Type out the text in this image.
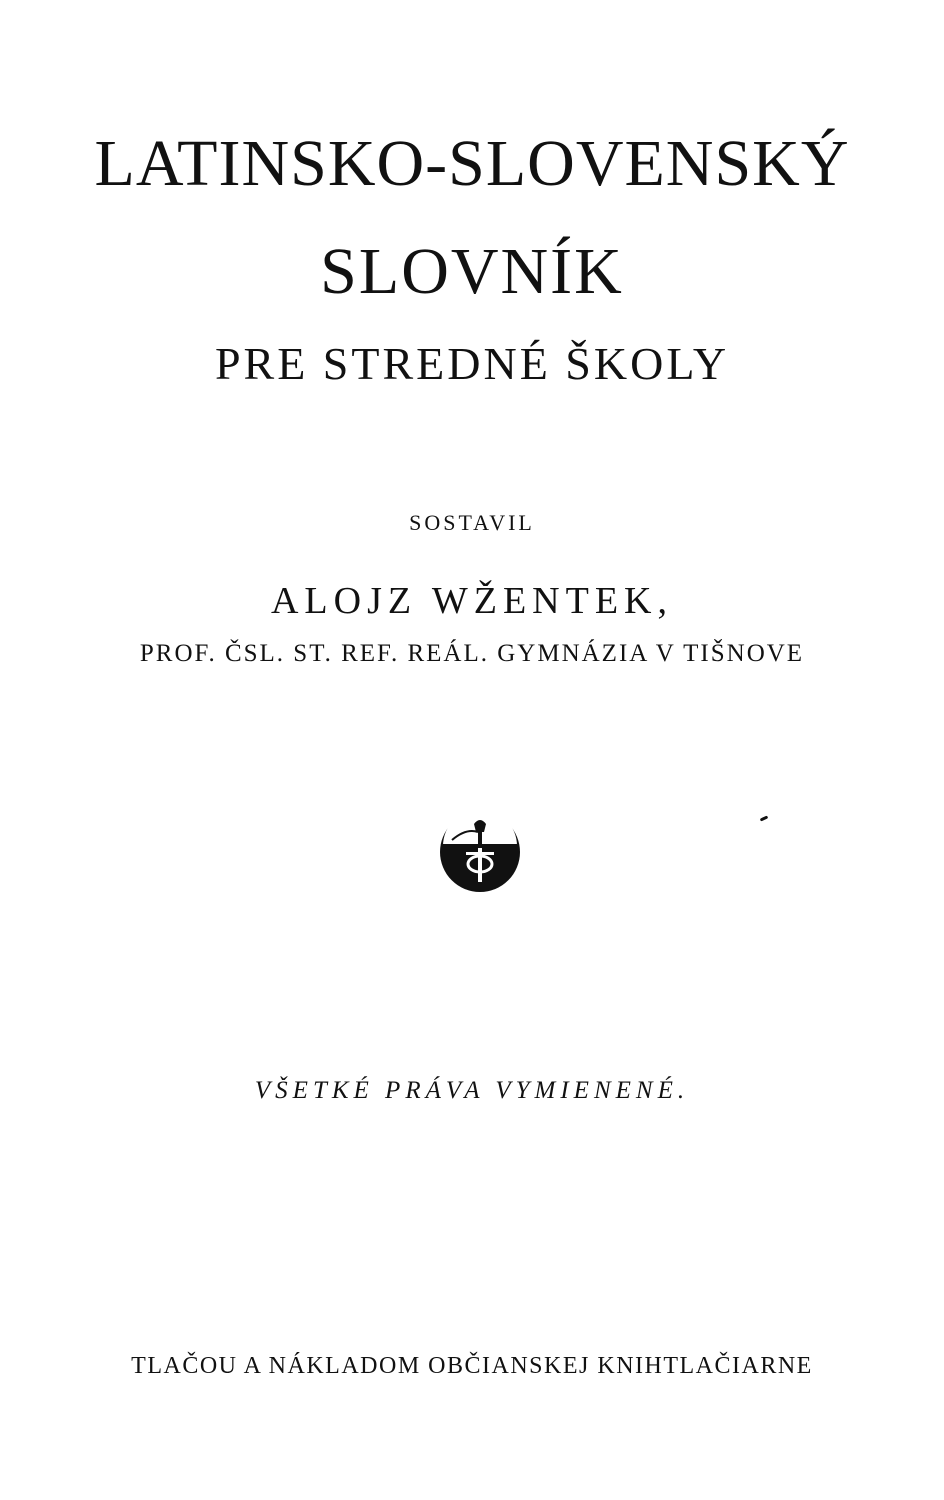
LATINSKO-SLOVENSKÝ
SLOVNÍK
PRE STREDNÉ ŠKOLY
SOSTAVIL
ALOJZ WŽENTEK,
PROF. ČSL. ST. REF. REÁL. GYMNÁZIA V TIŠNOVE
VŠETKÉ PRÁVA VYMIENENÉ.
TLAČOU A NÁKLADOM OBČIANSKEJ KNIHTLAČIARNE
